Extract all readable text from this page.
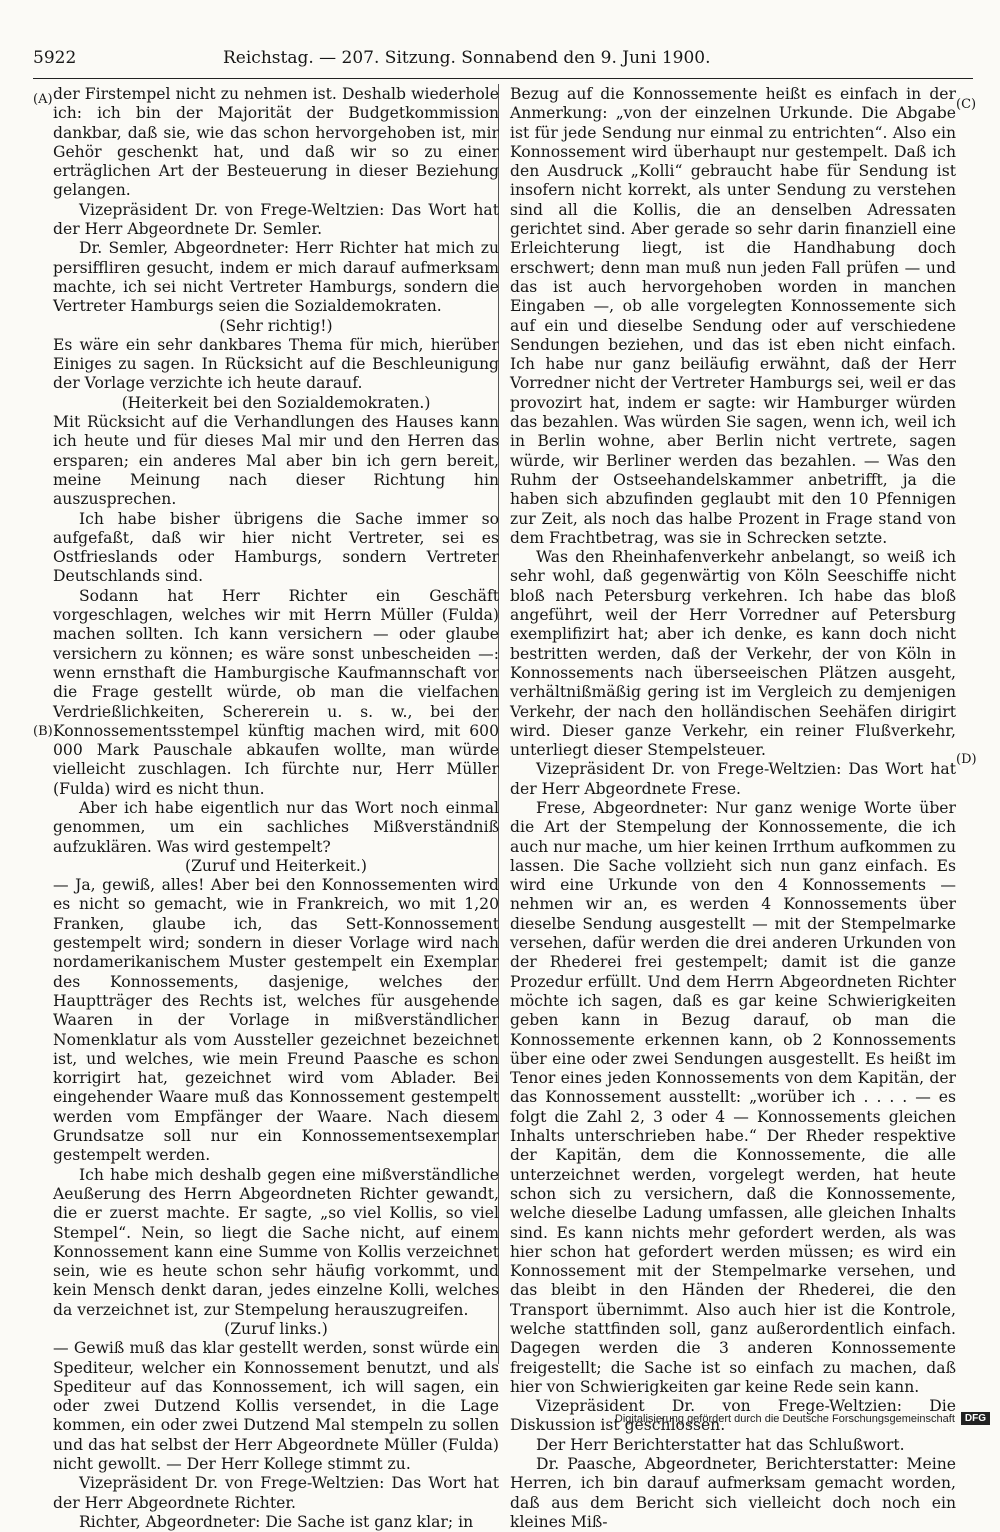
5922	Reichstag. — 207. Sitzung. Sonnabend den 9. Juni 1900.
(A)
(B)
(C)
(D)

der Firstempel nicht zu nehmen ist. Deshalb wiederhole ich: ich bin der Majorität der Budgetkommission dankbar, daß sie, wie das schon hervorgehoben ist, mir Gehör geschenkt hat, und daß wir so zu einer erträglichen Art der Besteuerung in dieser Beziehung gelangen.

Vizepräsident Dr. von Frege-Weltzien: Das Wort hat der Herr Abgeordnete Dr. Semler.

Dr. Semler, Abgeordneter: Herr Richter hat mich zu persiffliren gesucht, indem er mich darauf aufmerksam machte, ich sei nicht Vertreter Hamburgs, sondern die Vertreter Hamburgs seien die Sozialdemokraten.

(Sehr richtig!)

Es wäre ein sehr dankbares Thema für mich, hierüber Einiges zu sagen. In Rücksicht auf die Beschleunigung der Vorlage verzichte ich heute darauf.

(Heiterkeit bei den Sozialdemokraten.)

Mit Rücksicht auf die Verhandlungen des Hauses kann ich heute und für dieses Mal mir und den Herren das ersparen; ein anderes Mal aber bin ich gern bereit, meine Meinung nach dieser Richtung hin auszusprechen.

Ich habe bisher übrigens die Sache immer so aufgefaßt, daß wir hier nicht Vertreter, sei es Ostfrieslands oder Hamburgs, sondern Vertreter Deutschlands sind.

Sodann hat Herr Richter ein Geschäft vorgeschlagen, welches wir mit Herrn Müller (Fulda) machen sollten. Ich kann versichern — oder glaube versichern zu können; es wäre sonst unbescheiden —: wenn ernsthaft die Hamburgische Kaufmannschaft vor die Frage gestellt würde, ob man die vielfachen Verdrießlichkeiten, Schererein u. s. w., bei der Konnossementsstempel künftig machen wird, mit 600 000 Mark Pauschale abkaufen wollte, man würde vielleicht zuschlagen. Ich fürchte nur, Herr Müller (Fulda) wird es nicht thun.

Aber ich habe eigentlich nur das Wort noch einmal genommen, um ein sachliches Mißverständniß aufzuklären. Was wird gestempelt?

(Zuruf und Heiterkeit.)

— Ja, gewiß, alles! Aber bei den Konnossementen wird es nicht so gemacht, wie in Frankreich, wo mit 1,20 Franken, glaube ich, das Sett-Konnossement gestempelt wird; sondern in dieser Vorlage wird nach nordamerikanischem Muster gestempelt ein Exemplar des Konnossements, dasjenige, welches der Hauptträger des Rechts ist, welches für ausgehende Waaren in der Vorlage in mißverständlicher Nomenklatur als vom Aussteller gezeichnet bezeichnet ist, und welches, wie mein Freund Paasche es schon korrigirt hat, gezeichnet wird vom Ablader. Bei eingehender Waare muß das Konnossement gestempelt werden vom Empfänger der Waare. Nach diesem Grundsatze soll nur ein Konnossementsexemplar gestempelt werden.

Ich habe mich deshalb gegen eine mißverständliche Aeußerung des Herrn Abgeordneten Richter gewandt, die er zuerst machte. Er sagte, „so viel Kollis, so viel Stempel“. Nein, so liegt die Sache nicht, auf einem Konnossement kann eine Summe von Kollis verzeichnet sein, wie es heute schon sehr häufig vorkommt, und kein Mensch denkt daran, jedes einzelne Kolli, welches da verzeichnet ist, zur Stempelung herauszugreifen.

(Zuruf links.)

— Gewiß muß das klar gestellt werden, sonst würde ein Spediteur, welcher ein Konnossement benutzt, und als Spediteur auf das Konnossement, ich will sagen, ein oder zwei Dutzend Kollis versendet, in die Lage kommen, ein oder zwei Dutzend Mal stempeln zu sollen und das hat selbst der Herr Abgeordnete Müller (Fulda) nicht gewollt. — Der Herr Kollege stimmt zu.

Vizepräsident Dr. von Frege-Weltzien: Das Wort hat der Herr Abgeordnete Richter.

Richter, Abgeordneter: Die Sache ist ganz klar; in

Bezug auf die Konnossemente heißt es einfach in der Anmerkung: „von der einzelnen Urkunde. Die Abgabe ist für jede Sendung nur einmal zu entrichten“. Also ein Konnossement wird überhaupt nur gestempelt. Daß ich den Ausdruck „Kolli“ gebraucht habe für Sendung ist insofern nicht korrekt, als unter Sendung zu verstehen sind all die Kollis, die an denselben Adressaten gerichtet sind. Aber gerade so sehr darin finanziell eine Erleichterung liegt, ist die Handhabung doch erschwert; denn man muß nun jeden Fall prüfen — und das ist auch hervorgehoben worden in manchen Eingaben —, ob alle vorgelegten Konnossemente sich auf ein und dieselbe Sendung oder auf verschiedene Sendungen beziehen, und das ist eben nicht einfach. Ich habe nur ganz beiläufig erwähnt, daß der Herr Vorredner nicht der Vertreter Hamburgs sei, weil er das provozirt hat, indem er sagte: wir Hamburger würden das bezahlen. Was würden Sie sagen, wenn ich, weil ich in Berlin wohne, aber Berlin nicht vertrete, sagen würde, wir Berliner werden das bezahlen. — Was den Ruhm der Ostseehandelskammer anbetrifft, ja die haben sich abzufinden geglaubt mit den 10 Pfennigen zur Zeit, als noch das halbe Prozent in Frage stand von dem Frachtbetrag, was sie in Schrecken setzte.

Was den Rheinhafenverkehr anbelangt, so weiß ich sehr wohl, daß gegenwärtig von Köln Seeschiffe nicht bloß nach Petersburg verkehren. Ich habe das bloß angeführt, weil der Herr Vorredner auf Petersburg exemplifizirt hat; aber ich denke, es kann doch nicht bestritten werden, daß der Verkehr, der von Köln in Konnossements nach überseeischen Plätzen ausgeht, verhältnißmäßig gering ist im Vergleich zu demjenigen Verkehr, der nach den holländischen Seehäfen dirigirt wird. Dieser ganze Verkehr, ein reiner Flußverkehr, unterliegt dieser Stempelsteuer.

Vizepräsident Dr. von Frege-Weltzien: Das Wort hat der Herr Abgeordnete Frese.

Frese, Abgeordneter: Nur ganz wenige Worte über die Art der Stempelung der Konnossemente, die ich auch nur mache, um hier keinen Irrthum aufkommen zu lassen. Die Sache vollzieht sich nun ganz einfach. Es wird eine Urkunde von den 4 Konnossements — nehmen wir an, es werden 4 Konnossements über dieselbe Sendung ausgestellt — mit der Stempelmarke versehen, dafür werden die drei anderen Urkunden von der Rhederei frei gestempelt; damit ist die ganze Prozedur erfüllt. Und dem Herrn Abgeordneten Richter möchte ich sagen, daß es gar keine Schwierigkeiten geben kann in Bezug darauf, ob man die Konnossemente erkennen kann, ob 2 Konnossements über eine oder zwei Sendungen ausgestellt. Es heißt im Tenor eines jeden Konnossements von dem Kapitän, der das Konnossement ausstellt: „worüber ich . . . . — es folgt die Zahl 2, 3 oder 4 — Konnossements gleichen Inhalts unterschrieben habe.“ Der Rheder respektive der Kapitän, dem die Konnossemente, die alle unterzeichnet werden, vorgelegt werden, hat heute schon sich zu versichern, daß die Konnossemente, welche dieselbe Ladung umfassen, alle gleichen Inhalts sind. Es kann nichts mehr gefordert werden, als was hier schon hat gefordert werden müssen; es wird ein Konnossement mit der Stempelmarke versehen, und das bleibt in den Händen der Rhederei, die den Transport übernimmt. Also auch hier ist die Kontrole, welche stattfinden soll, ganz außerordentlich einfach. Dagegen werden die 3 anderen Konnossemente freigestellt; die Sache ist so einfach zu machen, daß hier von Schwierigkeiten gar keine Rede sein kann.

Vizepräsident Dr. von Frege-Weltzien: Die Diskussion ist geschlossen.

Der Herr Berichterstatter hat das Schlußwort.

Dr. Paasche, Abgeordneter, Berichterstatter: Meine Herren, ich bin darauf aufmerksam gemacht worden, daß aus dem Bericht sich vielleicht doch noch ein kleines Miß-

Digitalisierung gefördert durch die Deutsche Forschungsgemeinschaft	DFG
